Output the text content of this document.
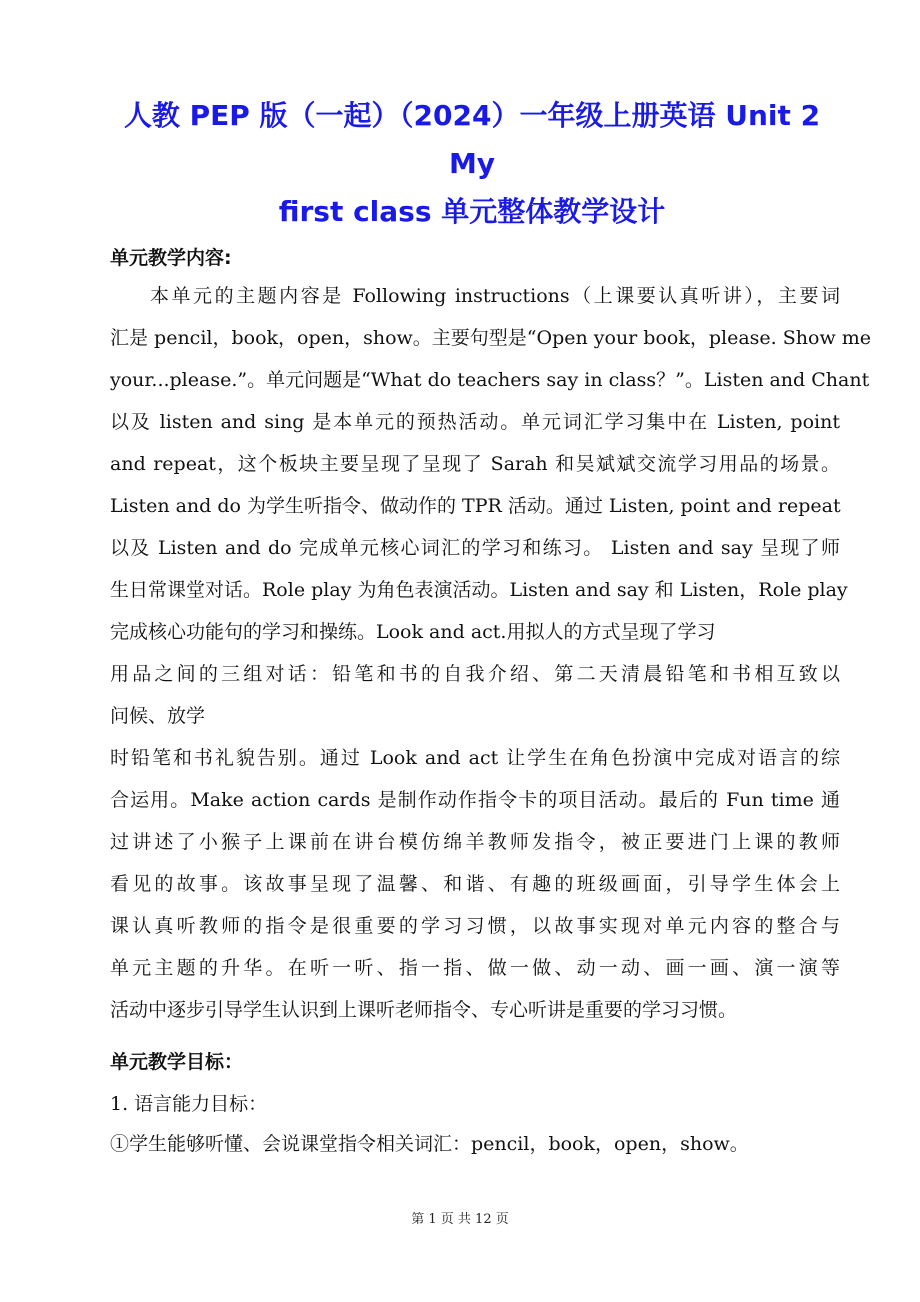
人教 PEP 版（一起）（2024）一年级上册英语 Unit 2 My
first class 单元整体教学设计
单元教学内容:
本单元的主题内容是 Following instructions（上课要认真听讲），主要词
汇是 pencil，book，open，show。主要句型是“Open your book，please. Show me
your...please.”。单元问题是“What do teachers say in class？”。Listen and Chant
以及 listen and sing 是本单元的预热活动。单元词汇学习集中在 Listen, point
and repeat，这个板块主要呈现了呈现了 Sarah 和吴斌斌交流学习用品的场景。
Listen and do 为学生听指令、做动作的 TPR 活动。通过 Listen, point and repeat
以及 Listen and do 完成单元核心词汇的学习和练习。 Listen and say 呈现了师
生日常课堂对话。Role play 为角色表演活动。Listen and say 和 Listen，Role play
完成核心功能句的学习和操练。Look and act.用拟人的方式呈现了学习
用品之间的三组对话：铅笔和书的自我介绍、第二天清晨铅笔和书相互致以
问候、放学
时铅笔和书礼貌告别。通过 Look and act 让学生在角色扮演中完成对语言的综
合运用。Make action cards 是制作动作指令卡的项目活动。最后的 Fun time 通
过讲述了小猴子上课前在讲台模仿绵羊教师发指令，被正要进门上课的教师
看见的故事。该故事呈现了温馨、和谐、有趣的班级画面，引导学生体会上
课认真听教师的指令是很重要的学习习惯，以故事实现对单元内容的整合与
单元主题的升华。在听一听、指一指、做一做、动一动、画一画、演一演等
活动中逐步引导学生认识到上课听老师指令、专心听讲是重要的学习习惯。
单元教学目标：
1. 语言能力目标：
①学生能够听懂、会说课堂指令相关词汇：pencil，book，open，show。
第 1 页 共 12 页
